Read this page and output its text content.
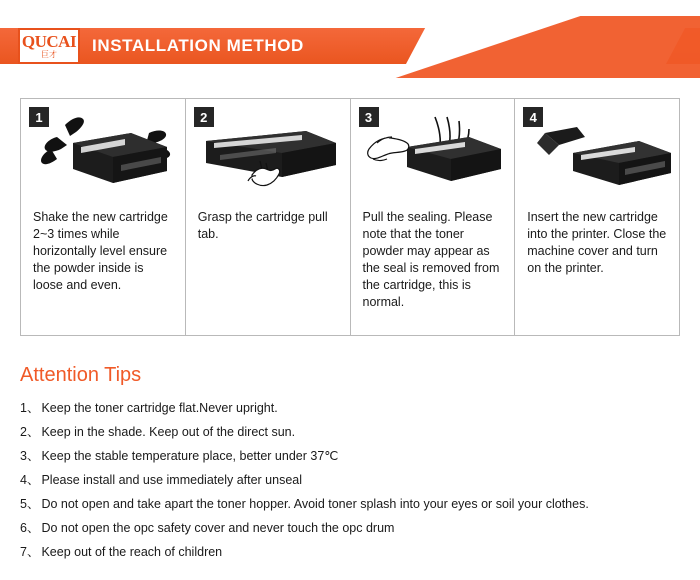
QUCAI
巨才 INSTALLATION METHOD
1
Shake the new cartridge 2~3 times while horizontally level ensure the powder inside is loose and even.
2
Grasp the cartridge pull tab.
3
Pull the sealing. Please note that the toner powder may appear as the seal is removed from the cartridge, this is normal.
4
Insert the new cartridge into the printer. Close the machine cover and turn on the printer.
Attention Tips
1、 Keep the toner cartridge flat.Never upright.
2、 Keep in the shade. Keep out of the direct sun.
3、 Keep the stable temperature place, better under 37℃
4、 Please install and use immediately after unseal
5、 Do not open and take apart the toner hopper. Avoid toner splash into your eyes or soil your clothes.
6、 Do not open the opc safety cover and never touch the opc drum
7、 Keep out of the reach of children
